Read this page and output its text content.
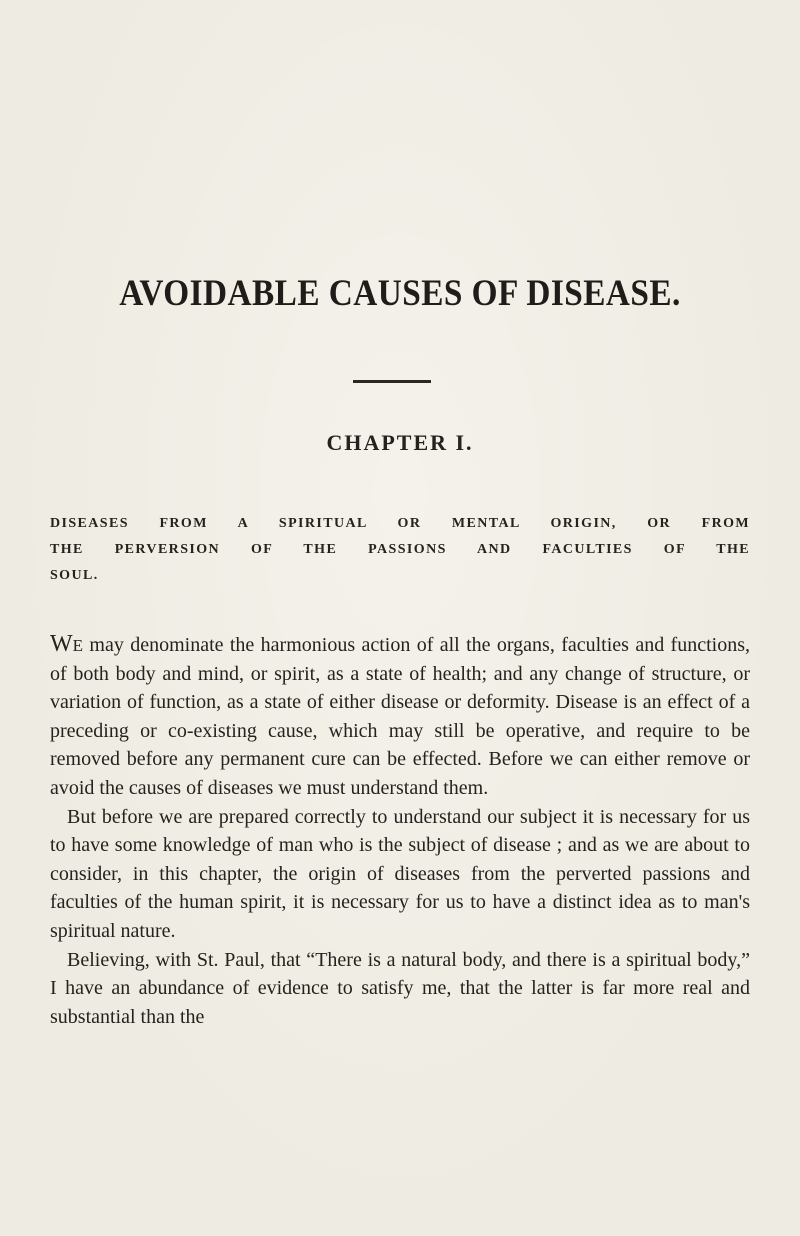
AVOIDABLE CAUSES OF DISEASE.
CHAPTER I.

DISEASES FROM A SPIRITUAL OR MENTAL ORIGIN, OR FROM
THE PERVERSION OF THE PASSIONS AND FACULTIES OF THE
SOUL.

We may denominate the harmonious action of all the organs, faculties and functions, of both body and mind, or spirit, as a state of health; and any change of structure, or variation of function, as a state of either disease or deformity. Disease is an effect of a preceding or co-existing cause, which may still be operative, and require to be removed before any permanent cure can be effected. Before we can either remove or avoid the causes of diseases we must understand them.

But before we are prepared correctly to understand our subject it is necessary for us to have some knowledge of man who is the subject of disease ; and as we are about to consider, in this chapter, the origin of diseases from the perverted passions and faculties of the human spirit, it is necessary for us to have a distinct idea as to man's spiritual nature.

Believing, with St. Paul, that “There is a natural body, and there is a spiritual body,” I have an abundance of evidence to satisfy me, that the latter is far more real and substantial than the
